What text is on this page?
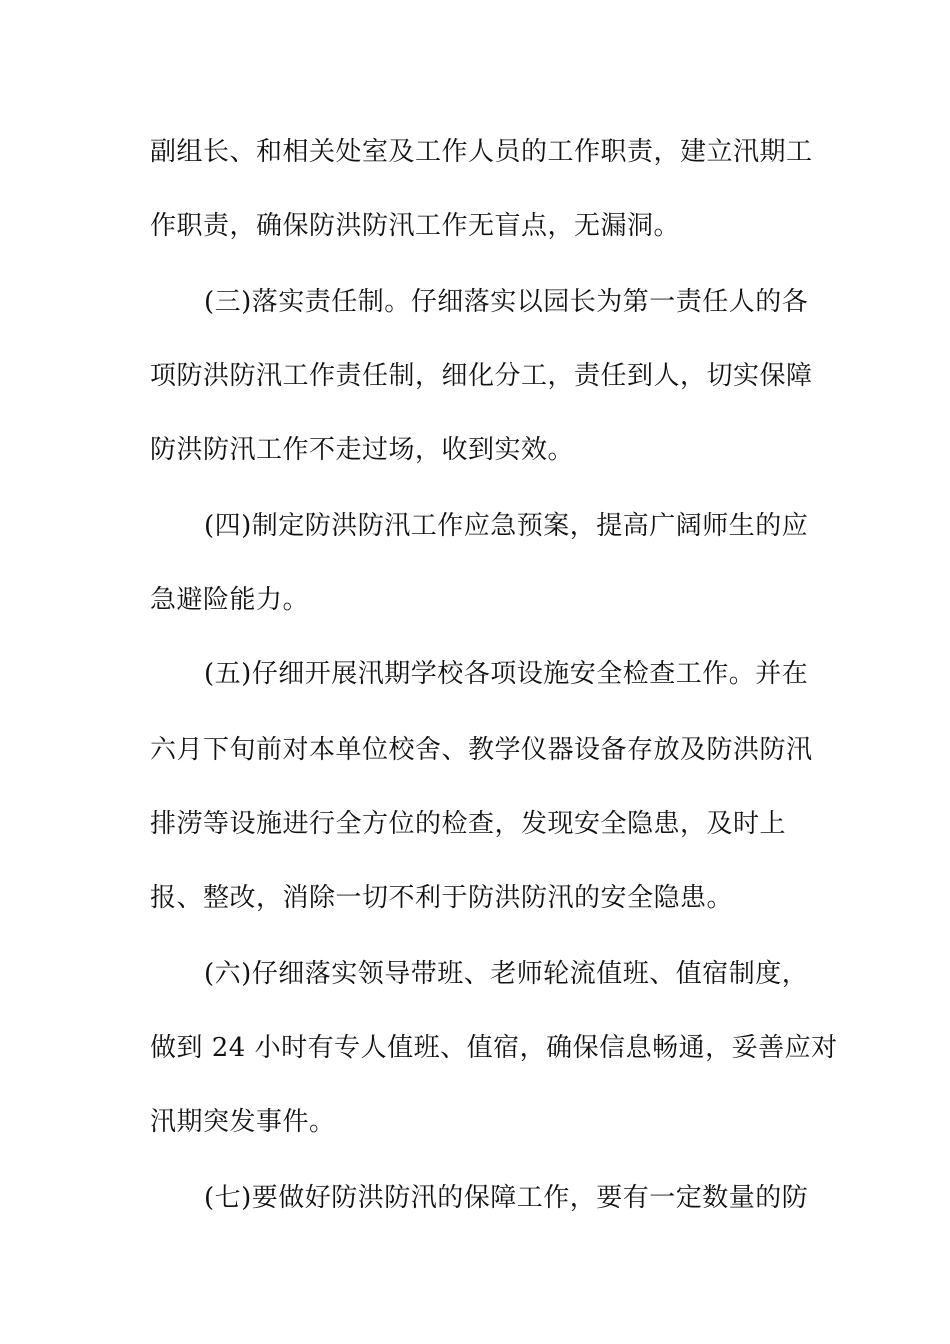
副组长、和相关处室及工作人员的工作职责，建立汛期工
作职责，确保防洪防汛工作无盲点，无漏洞。
(三)落实责任制。仔细落实以园长为第一责任人的各
项防洪防汛工作责任制，细化分工，责任到人，切实保障
防洪防汛工作不走过场，收到实效。
(四)制定防洪防汛工作应急预案，提高广阔师生的应
急避险能力。
(五)仔细开展汛期学校各项设施安全检查工作。并在
六月下旬前对本单位校舍、教学仪器设备存放及防洪防汛
排涝等设施进行全方位的检查，发现安全隐患，及时上
报、整改，消除一切不利于防洪防汛的安全隐患。
(六)仔细落实领导带班、老师轮流值班、值宿制度，
做到 24 小时有专人值班、值宿，确保信息畅通，妥善应对
汛期突发事件。
(七)要做好防洪防汛的保障工作，要有一定数量的防
